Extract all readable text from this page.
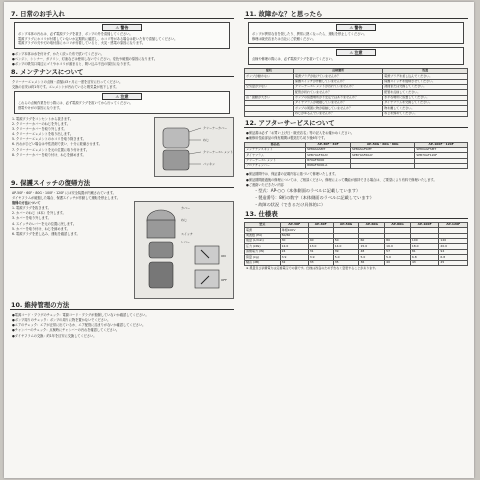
7. 日常のお手入れ
⚠ 警告
ポンプ本体の汚れは、必ず電源プラグを抜き、ポンプの外を清掃してください。
電源プラグにホコリが付着していないか定期的に確認し、ホコリ等がある場合は乾いた布で清掃してください。
電源プラグの刃や刃の取付面にホコリが付着していると、火災・感電の原因になります。
●ポンプ本体は水を付けず、かたく絞った布で拭いてください。
●ベンジン、シンナー、ガソリン、灯油などは使用しないでください。変色や破損の原因になります。
●ポンプの吸気口周辺にゴミやホコリが溜まると、吸い込み不良の原因になります。
8. メンテナンスについて
クリーナーエレメントの点検・清掃は3ヶ月に一度を目安に行ってください。
交換の目安は約1年です。エレメントが汚れていると吸気量が低下します。
⚠ 注意
これらの点検作業を行う際には、必ず電源プラグを抜いてから行ってください。
感電やけがの原因になります。
1. 電源プラグをコンセントから抜きます。
2. クリーナーカバーのねじを外します。
3. クリーナーカバーを取り外します。
4. クリーナーエレメントを取り出します。
5. クリーナーエレメントのホコリを取り除きます。
6. 汚れがひどい場合は中性洗剤で洗い、十分に乾燥させます。
7. クリーナーエレメントを元の位置に取り付けます。
8. クリーナーカバーを取り付け、ねじを締めます。
クリーナーカバー
ねじ
クリーナーエレメント
パッキン
9. 保護スイッチの復帰方法
AP-50F・60F・80G・100F・120F には安全装置が内蔵されています。
ダイヤフラムが破損した場合、保護スイッチが作動して運転を停止します。
復帰の方法について
1. 電源プラグを抜きます。
2. カバーのねじ（4本）を外します。
3. カバーを取り外します。
4. スイッチのレバーを元の位置に戻します。
5. カバーを取り付け、ねじを締めます。
6. 電源プラグを差し込み、運転を確認します。
カバー
ねじ
スイッチ
レバー
ON
OFF
10. 維持管理の方法
●電源コード・プラグのチェック：電源コード・プラグが損傷していないか確認してください。
●ポンプ周りのチェック：ポンプの周りに物を置かないでください。
●エアのチェック：エアが正常に出ているか、エア配管に詰まりがないか確認してください。
●チャンバーのチェック：点検時にチャンバーの汚れを確認してください。
●ダイヤフラムの交換：約1年を目安に交換してください。
11. 故障かな？と思ったら
⚠ 警告
ポンプが異常な音を発したり、異常に熱くなったら、運転を停止してください。
修理は販売店または当社にご依頼ください。
⚠ 注意
点検や修理の際には、必ず電源プラグを抜いてください。
症状	点検箇所	処置
ポンプが動かない	電源プラグが抜けていませんか？	電源プラグを差し込んでください。
	保護スイッチが作動していませんか？	保護スイッチを復帰させてください。
空気量が少ない	クリーナーエレメントが汚れていませんか？	清掃または交換してください。
	配管が折れていませんか？	配管を点検してください。
音・振動が大きい	ポンプの設置場所が不安定ではありませんか？	水平な場所に設置してください。
	ダイヤフラムが破損していませんか？	ダイヤフラムを交換してください。
	ポンプの周囲に物が接触していませんか？	物を離してください。
	ねじがゆるんでいませんか？	ねじを締めてください。
12. アフターサービスについて
●保証書は必ず「お買い上げ日・販売店名」等の記入をお確かめください。
●補修用性能部品の保有期間は製造打ち切り後6年です。
部品名	AP-30F・40F	AP-50G・60G・80G	AP-100F・120F
メンテナンスキット	SP80AGSMT	SP80AGFSMT	SP80AGFSMT
ダイヤフラム	SPB70AF30AY	SPB70AF60AY	SPB70AF120F
クリーナーエレメント	870AF3000		
ブロアチャンバー	898AF3000-A		
●保証期間中は、保証書の記載内容に基づいて修理いたします。
●保証期間経過後の修理については、ご相談ください。修理によって機能が維持できる場合は、ご要望により有料で修理いたします。
●ご連絡いただきたい内容
・型式：AP-○○（本体側面のラベルに記載しています）
・製造番号：8桁の数字（本体側面のラベルに記載しています）
・故障の状況（できるだけ具体的に）
13. 仕様表
型式	AP-30F	AP-40F	AP-50G	AP-60G	AP-80G	AP-100F	AP-120F
電源	単相100V						
周波数 (Hz)	50/60						
風量 (L/min)	30	40	50	60	80	100	120
圧力 (kPa)	12.0	13.0	14.0	15.0	16.0	18.0	20.0
消費電力 (W)	24	31	39	48	57	81	94
質量 (kg)	3.9	3.9	5.0	5.0	5.0	6.8	6.8
騒音 (dB)	32	33	35	36	40	43	45
※ 風量及び消費電力は定格電圧での値です。仕様は改良のため予告なく変更することがあります。
